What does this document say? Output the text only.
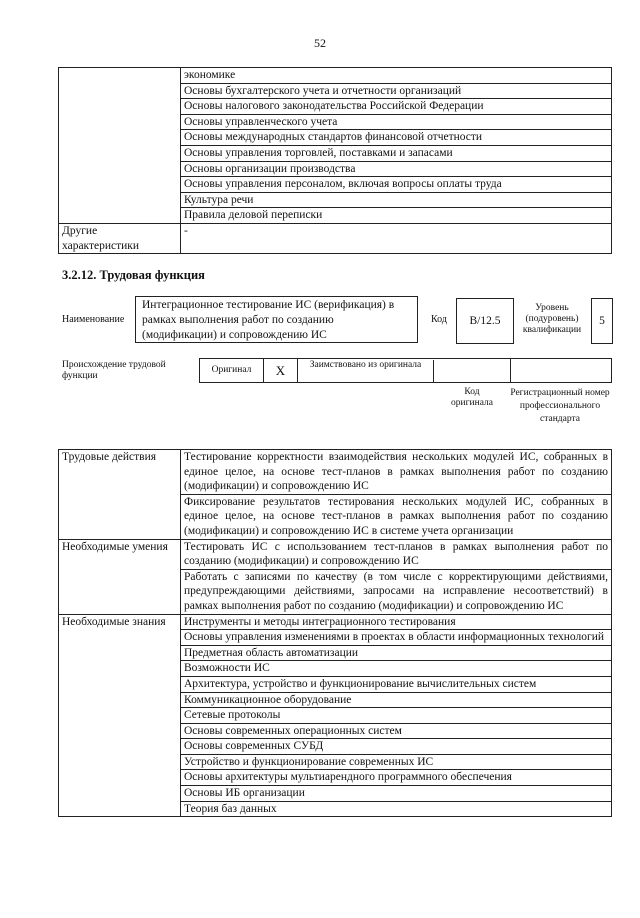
52
	экономике
	Основы бухгалтерского учета и отчетности организаций
	Основы налогового законодательства Российской Федерации
	Основы управленческого учета
	Основы международных стандартов финансовой отчетности
	Основы управления торговлей, поставками и запасами
	Основы организации производства
	Основы управления персоналом, включая вопросы оплаты труда
	Культура речи
	Правила деловой переписки
Другие характеристики	-
3.2.12. Трудовая функция
Наименование
Интеграционное тестирование ИС (верификация) в рамках выполнения работ по созданию (модификации) и сопровождению ИС
Код	B/12.5
Уровень (подуровень) квалификации
5
Происхождение трудовой функции
Оригинал	X	Заимствовано из оригинала
Код оригинала
Регистрационный номер профессионального стандарта
Трудовые действия	Тестирование корректности взаимодействия нескольких модулей ИС, собранных в единое целое, на основе тест-планов в рамках выполнения работ по созданию (модификации) и сопровождению ИС
	Фиксирование результатов тестирования нескольких модулей ИС, собранных в единое целое, на основе тест-планов в рамках выполнения работ по созданию (модификации) и сопровождению ИС в системе учета организации
Необходимые умения	Тестировать ИС с использованием тест-планов в рамках выполнения работ по созданию (модификации) и сопровождению ИС
	Работать с записями по качеству (в том числе с корректирующими действиями, предупреждающими действиями, запросами на исправление несоответствий) в рамках выполнения работ по созданию (модификации) и сопровождению ИС
Необходимые знания	Инструменты и методы интеграционного тестирования
	Основы управления изменениями в проектах в области информационных технологий
	Предметная область автоматизации
	Возможности ИС
	Архитектура, устройство и функционирование вычислительных систем
	Коммуникационное оборудование
	Сетевые протоколы
	Основы современных операционных систем
	Основы современных СУБД
	Устройство и функционирование современных ИС
	Основы архитектуры мультиарендного программного обеспечения
	Основы ИБ организации
	Теория баз данных
